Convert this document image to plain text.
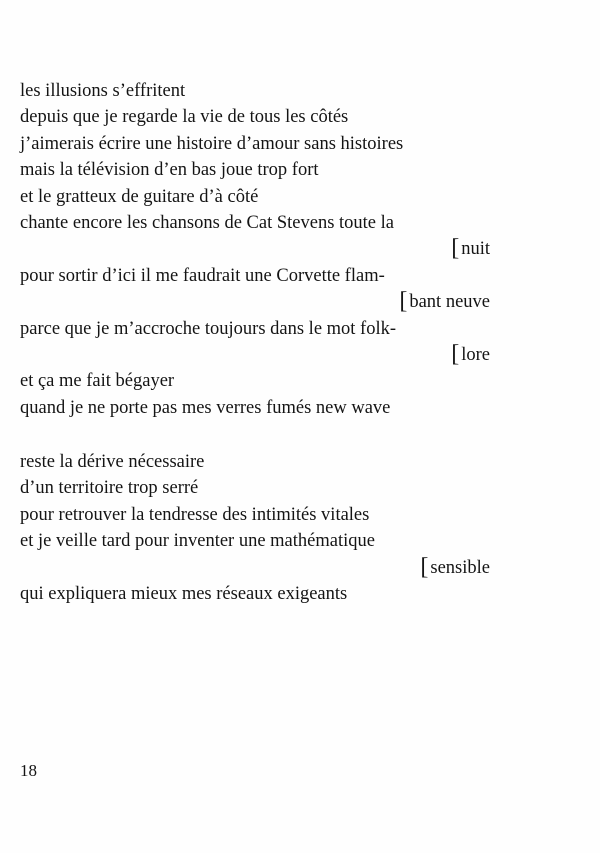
les illusions s’effritent
depuis que je regarde la vie de tous les côtés
j’aimerais écrire une histoire d’amour sans histoires
mais la télévision d’en bas joue trop fort
et le gratteux de guitare d’à côté
chante encore les chansons de Cat Stevens toute la
[ nuit
pour sortir d’ici il me faudrait une Corvette flam-
[ bant neuve
parce que je m’accroche toujours dans le mot folk-
[ lore
et ça me fait bégayer
quand je ne porte pas mes verres fumés new wave
reste la dérive nécessaire
d’un territoire trop serré
pour retrouver la tendresse des intimités vitales
et je veille tard pour inventer une mathématique
[ sensible
qui expliquera mieux mes réseaux exigeants
18
